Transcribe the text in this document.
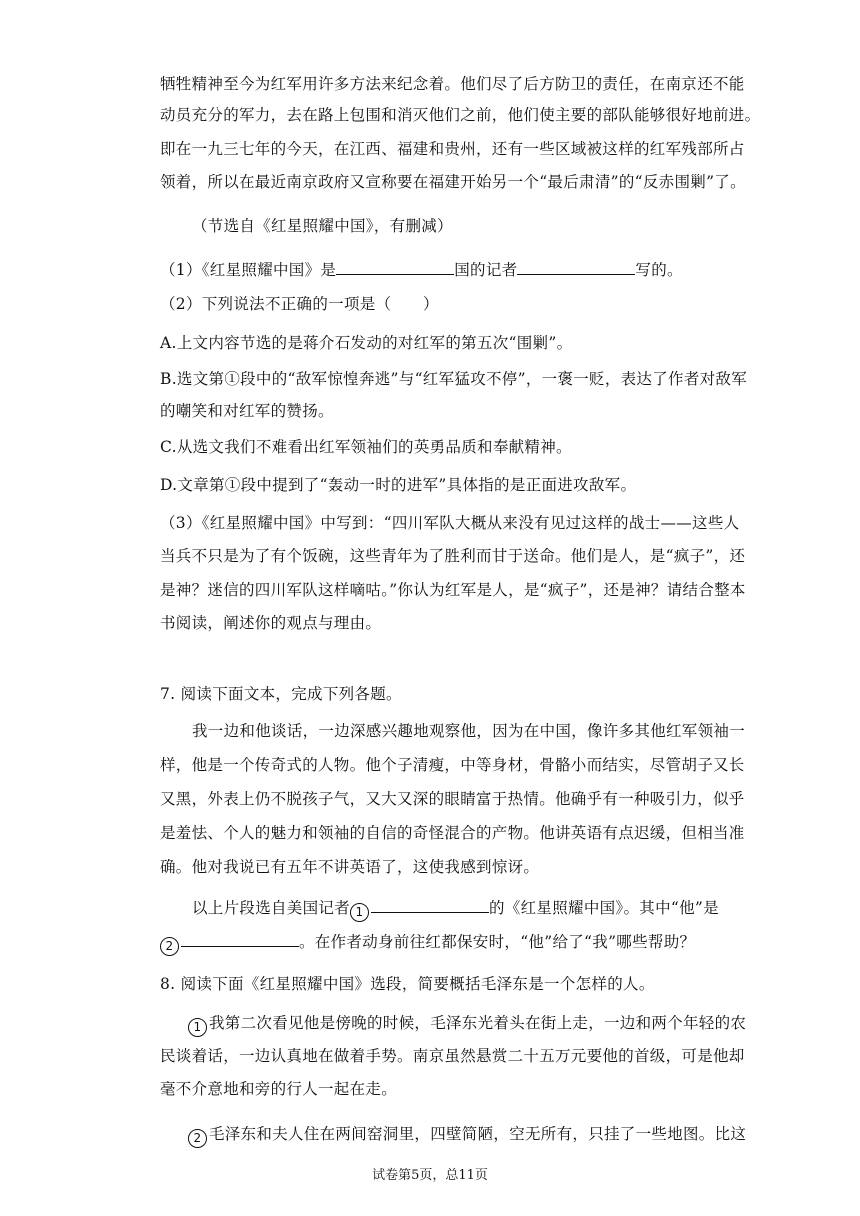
牺牲精神至今为红军用许多方法来纪念着。他们尽了后方防卫的责任，在南京还不能
动员充分的军力，去在路上包围和消灭他们之前，他们使主要的部队能够很好地前进。
即在一九三七年的今天，在江西、福建和贵州，还有一些区域被这样的红军残部所占
领着，所以在最近南京政府又宣称要在福建开始另一个“最后肃清”的“反赤围剿”了。
（节选自《红星照耀中国》，有删减）
（1）《红星照耀中国》是	国的记者	写的。
（2）下列说法不正确的一项是（　　）
A.上文内容节选的是蒋介石发动的对红军的第五次“围剿”。
B.选文第①段中的“敌军惊惶奔逃”与“红军猛攻不停”，一褒一贬，表达了作者对敌军
的嘲笑和对红军的赞扬。
C.从选文我们不难看出红军领袖们的英勇品质和奉献精神。
D.文章第①段中提到了“轰动一时的进军”具体指的是正面进攻敌军。
（3）《红星照耀中国》中写到：“四川军队大概从来没有见过这样的战士——这些人
当兵不只是为了有个饭碗，这些青年为了胜利而甘于送命。他们是人，是“疯子”，还
是神？迷信的四川军队这样嘀咕。”你认为红军是人，是“疯子”，还是神？请结合整本
书阅读，阐述你的观点与理由。
7. 阅读下面文本，完成下列各题。
我一边和他谈话，一边深感兴趣地观察他，因为在中国，像许多其他红军领袖一
样，他是一个传奇式的人物。他个子清瘦，中等身材，骨骼小而结实，尽管胡子又长
又黑，外表上仍不脱孩子气，又大又深的眼睛富于热情。他确乎有一种吸引力，似乎
是羞怯、个人的魅力和领袖的自信的奇怪混合的产物。他讲英语有点迟缓，但相当准
确。他对我说已有五年不讲英语了，这使我感到惊讶。
以上片段选自美国记者 1	的《红星照耀中国》。其中“他”是
2	。在作者动身前往红都保安时，“他”给了“我”哪些帮助？
8. 阅读下面《红星照耀中国》选段，简要概括毛泽东是一个怎样的人。
1 我第二次看见他是傍晚的时候，毛泽东光着头在街上走，一边和两个年轻的农
民谈着话，一边认真地在做着手势。南京虽然悬赏二十五万元要他的首级，可是他却
毫不介意地和旁的行人一起在走。
2 毛泽东和夫人住在两间窑洞里，四壁简陋，空无所有，只挂了一些地图。比这
试卷第5页，总11页
